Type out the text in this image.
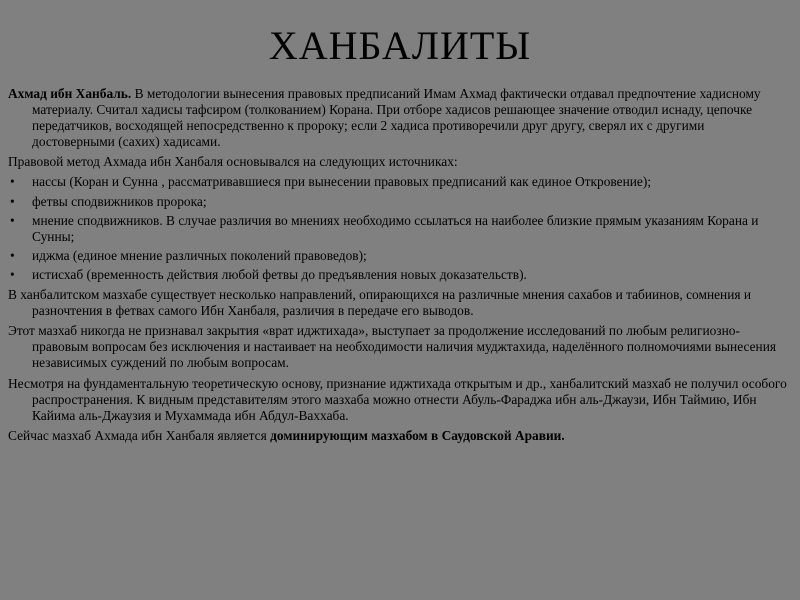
ХАНБАЛИТЫ

Ахмад ибн Ханбаль. В методологии вынесения правовых предписаний Имам Ахмад фактически отдавал предпочтение хадисному материалу. Считал хадисы тафсиром (толкованием) Корана. При отборе хадисов решающее значение отводил иснаду, цепочке передатчиков, восходящей непосредственно к пророку; если 2 хадиса противоречили друг другу, сверял их с другими достоверными (сахих) хадисами.

Правовой метод Ахмада ибн Ханбаля основывался на следующих источниках:

•	нассы (Коран и Сунна , рассматривавшиеся при вынесении правовых предписаний как единое Откровение);
•	фетвы сподвижников пророка;
•	мнение сподвижников. В случае различия во мнениях необходимо ссылаться на наиболее близкие прямым указаниям Корана и Сунны;
•	иджма (единое мнение различных поколений правоведов);
•	истисхаб (временность действия любой фетвы до предъявления новых доказательств).

В ханбалитском мазхабе существует несколько направлений, опирающихся на различные мнения сахабов и табиинов, сомнения и разночтения в фетвах самого Ибн Ханбаля, различия в передаче его выводов.

Этот мазхаб никогда не признавал закрытия «врат иджтихада», выступает за продолжение исследований по любым религиозно-правовым вопросам без исключения и настаивает на необходимости наличия муджтахида, наделённого полномочиями вынесения независимых суждений по любым вопросам.

Несмотря на фундаментальную теоретическую основу, признание иджтихада открытым и др., ханбалитский мазхаб не получил особого распространения. К видным представителям этого мазхаба можно отнести Абуль-Фараджа ибн аль-Джаузи, Ибн Таймию, Ибн Кайима аль-Джаузия и Мухаммада ибн Абдул-Ваххаба.

Сейчас мазхаб Ахмада ибн Ханбаля является доминирующим мазхабом в Саудовской Аравии.
